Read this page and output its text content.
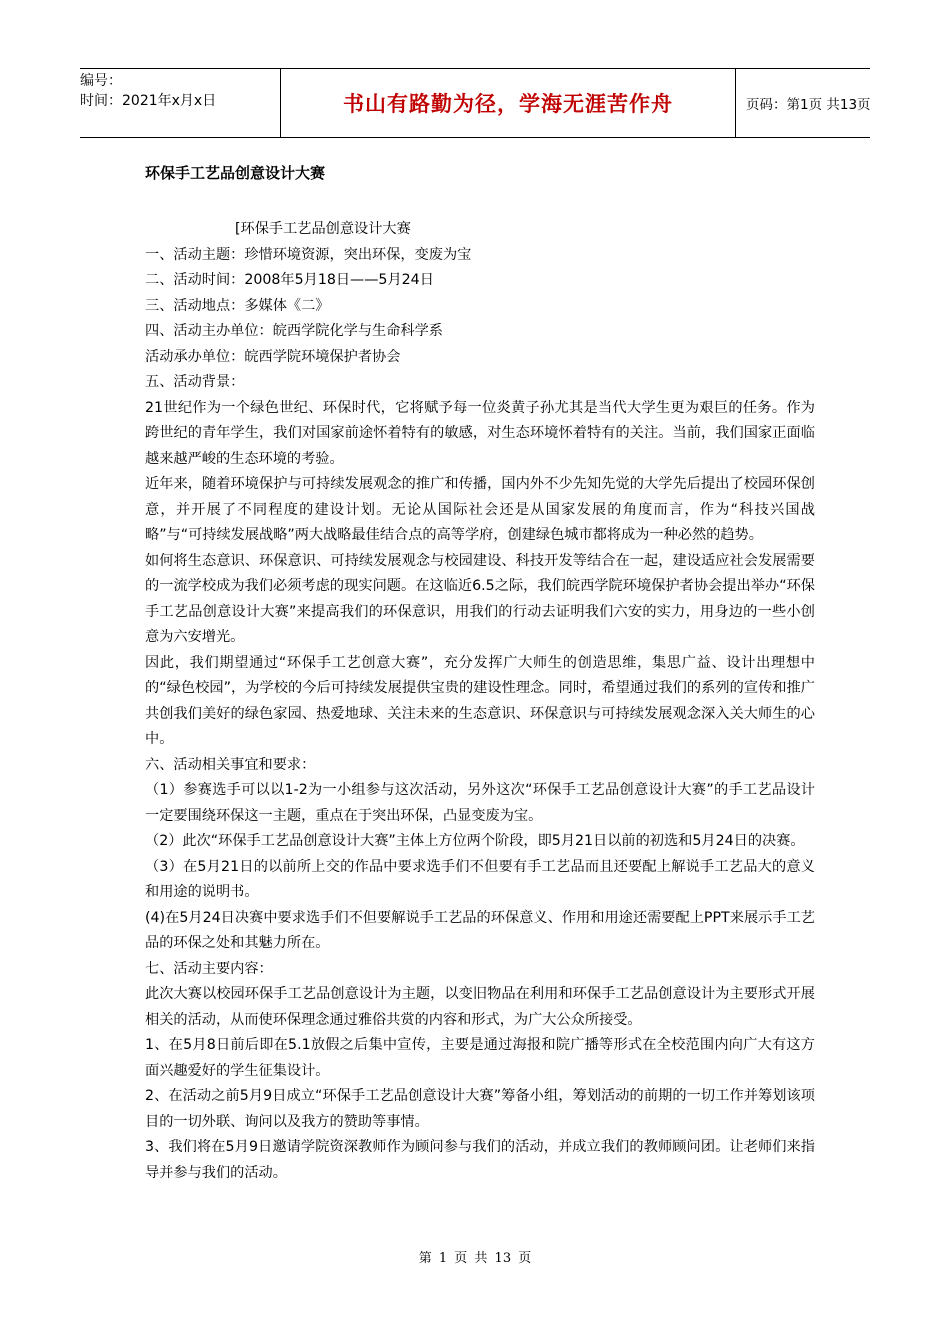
编号：
时间：2021年x月x日	书山有路勤为径，学海无涯苦作舟	页码：第1页 共13页
环保手工艺品创意设计大赛

[环保手工艺品创意设计大赛

一、活动主题：珍惜环境资源，突出环保，变废为宝

二、活动时间：2008年5月18日——5月24日

三、活动地点：多媒体《二》

四、活动主办单位：皖西学院化学与生命科学系

活动承办单位：皖西学院环境保护者协会

五、活动背景：

21世纪作为一个绿色世纪、环保时代，它将赋予每一位炎黄子孙尤其是当代大学生更为艰巨的任务。作为跨世纪的青年学生，我们对国家前途怀着特有的敏感，对生态环境怀着特有的关注。当前，我们国家正面临越来越严峻的生态环境的考验。

近年来，随着环境保护与可持续发展观念的推广和传播，国内外不少先知先觉的大学先后提出了校园环保创意，并开展了不同程度的建设计划。无论从国际社会还是从国家发展的角度而言，作为“科技兴国战略”与“可持续发展战略”两大战略最佳结合点的高等学府，创建绿色城市都将成为一种必然的趋势。

如何将生态意识、环保意识、可持续发展观念与校园建设、科技开发等结合在一起，建设适应社会发展需要的一流学校成为我们必须考虑的现实问题。在这临近6.5之际，我们皖西学院环境保护者协会提出举办“环保手工艺品创意设计大赛”来提高我们的环保意识，用我们的行动去证明我们六安的实力，用身边的一些小创意为六安增光。

因此，我们期望通过“环保手工艺创意大赛”，充分发挥广大师生的创造思维，集思广益、设计出理想中的“绿色校园”，为学校的今后可持续发展提供宝贵的建设性理念。同时，希望通过我们的系列的宣传和推广共创我们美好的绿色家园、热爱地球、关注未来的生态意识、环保意识与可持续发展观念深入关大师生的心中。

六、活动相关事宜和要求：

（1）参赛选手可以以1-2为一小组参与这次活动，另外这次“环保手工艺品创意设计大赛”的手工艺品设计一定要围绕环保这一主题，重点在于突出环保，凸显变废为宝。

（2）此次“环保手工艺品创意设计大赛”主体上方位两个阶段，即5月21日以前的初选和5月24日的决赛。

（3）在5月21日的以前所上交的作品中要求选手们不但要有手工艺品而且还要配上解说手工艺品大的意义和用途的说明书。

(4)在5月24日决赛中要求选手们不但要解说手工艺品的环保意义、作用和用途还需要配上PPT来展示手工艺品的环保之处和其魅力所在。

七、活动主要内容：

此次大赛以校园环保手工艺品创意设计为主题，以变旧物品在利用和环保手工艺品创意设计为主要形式开展相关的活动，从而使环保理念通过雅俗共赏的内容和形式，为广大公众所接受。

1、在5月8日前后即在5.1放假之后集中宣传，主要是通过海报和院广播等形式在全校范围内向广大有这方面兴趣爱好的学生征集设计。

2、在活动之前5月9日成立“环保手工艺品创意设计大赛”筹备小组，筹划活动的前期的一切工作并筹划该项目的一切外联、询问以及我方的赞助等事情。

3、我们将在5月9日邀请学院资深教师作为顾问参与我们的活动，并成立我们的教师顾问团。让老师们来指导并参与我们的活动。

第 1 页 共 13 页
